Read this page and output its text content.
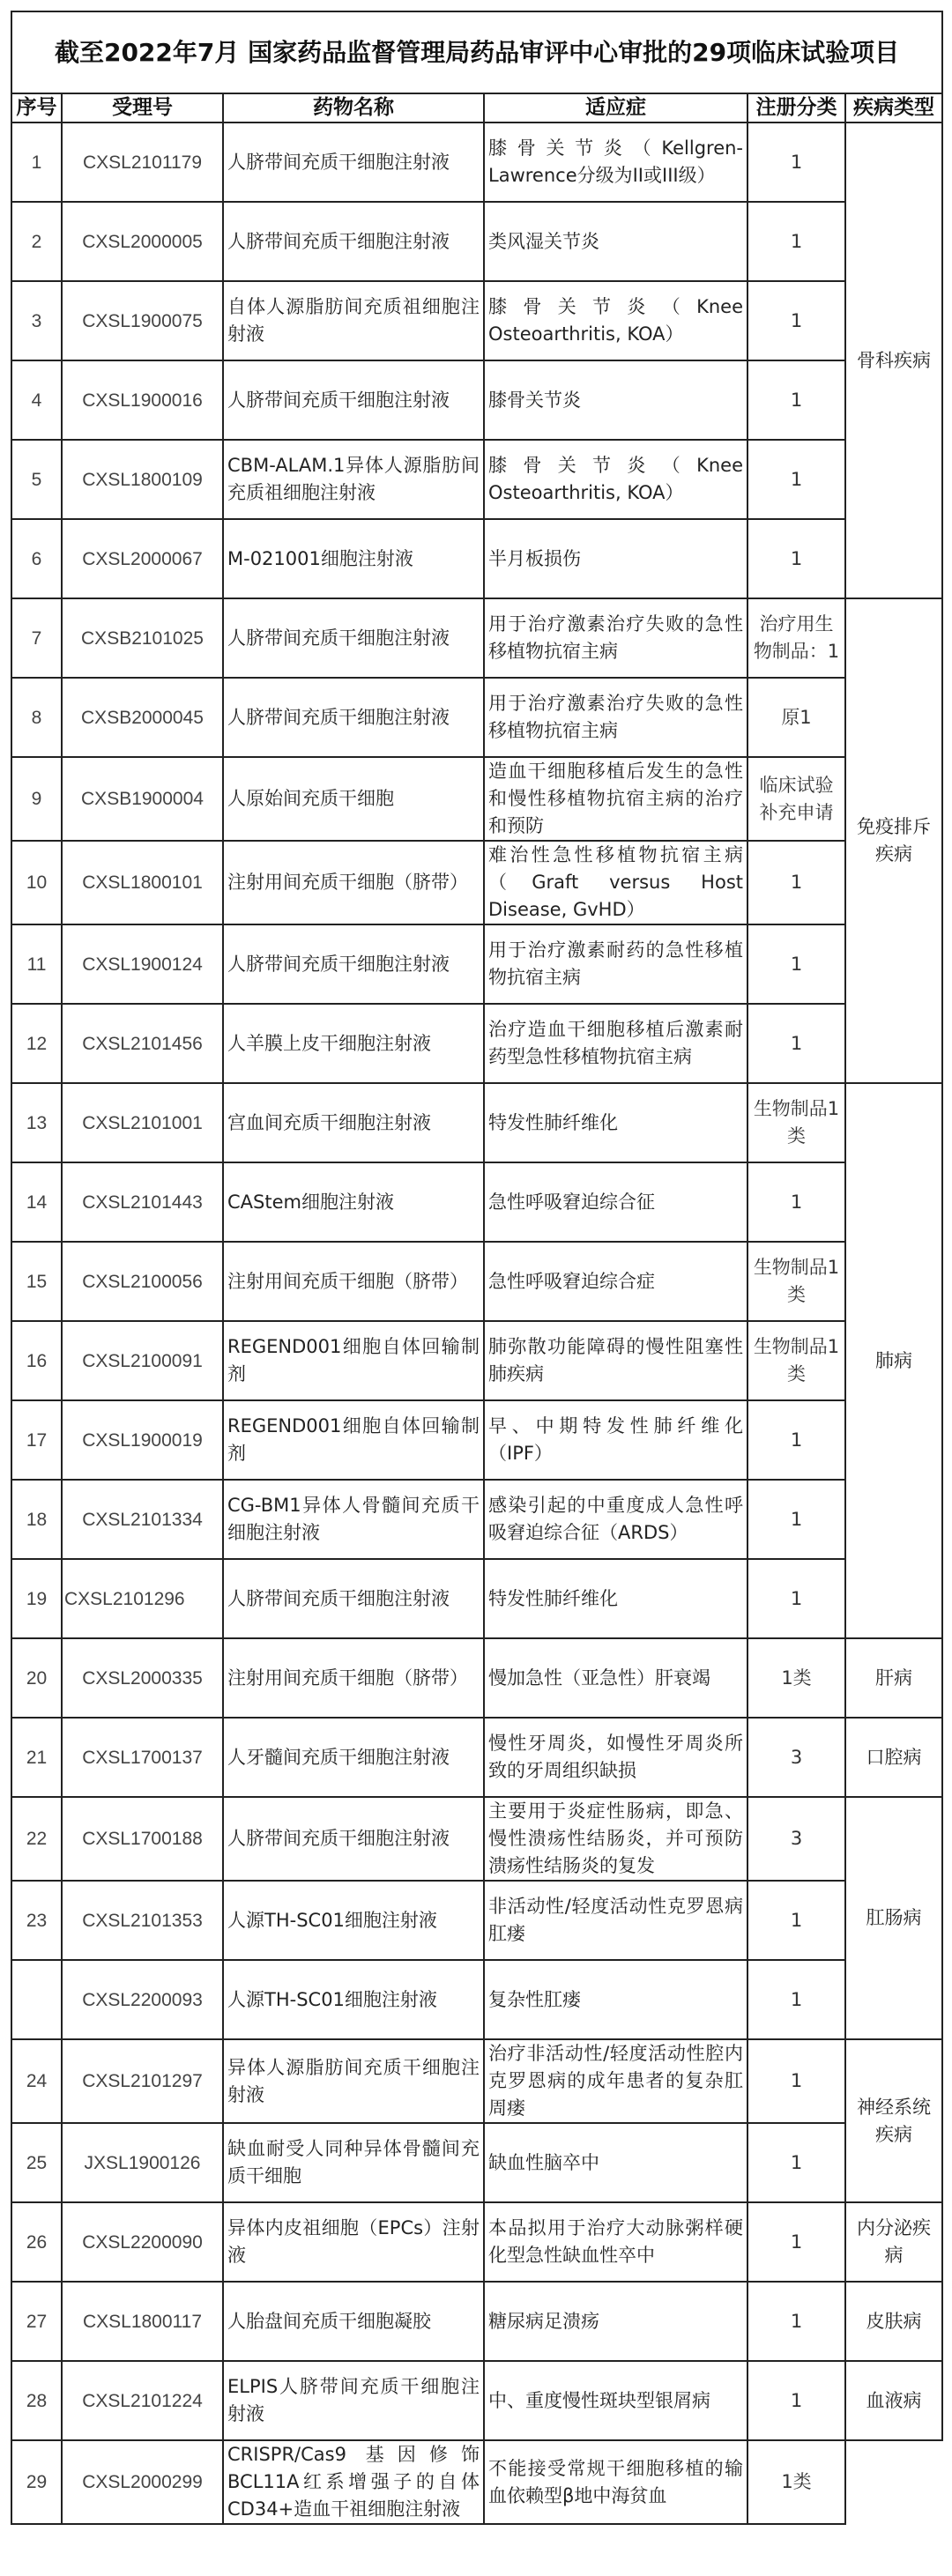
截至2022年7月 国家药品监督管理局药品审评中心审批的29项临床试验项目					
序号	受理号	药物名称	适应症	注册分类	疾病类型
1	CXSL2101179	人脐带间充质干细胞注射液	膝骨关节炎（Kellgren-Lawrence分级为II或III级）	1	骨科疾病
2	CXSL2000005	人脐带间充质干细胞注射液	类风湿关节炎	1	
3	CXSL1900075	自体人源脂肪间充质祖细胞注射液	膝骨关节炎（Knee Osteoarthritis, KOA）	1	
4	CXSL1900016	人脐带间充质干细胞注射液	膝骨关节炎	1	
5	CXSL1800109	CBM-ALAM.1异体人源脂肪间充质祖细胞注射液	膝骨关节炎（Knee Osteoarthritis, KOA）	1	
6	CXSL2000067	M-021001细胞注射液	半月板损伤	1	
7	CXSB2101025	人脐带间充质干细胞注射液	用于治疗激素治疗失败的急性移植物抗宿主病	治疗用生物制品：1	免疫排斥疾病
8	CXSB2000045	人脐带间充质干细胞注射液	用于治疗激素治疗失败的急性移植物抗宿主病	原1	
9	CXSB1900004	人原始间充质干细胞	造血干细胞移植后发生的急性和慢性移植物抗宿主病的治疗和预防	临床试验补充申请	
10	CXSL1800101	注射用间充质干细胞（脐带）	难治性急性移植物抗宿主病（Graft versus Host Disease, GvHD）	1	
11	CXSL1900124	人脐带间充质干细胞注射液	用于治疗激素耐药的急性移植物抗宿主病	1	
12	CXSL2101456	人羊膜上皮干细胞注射液	治疗造血干细胞移植后激素耐药型急性移植物抗宿主病	1	
13	CXSL2101001	宫血间充质干细胞注射液	特发性肺纤维化	生物制品1类	肺病
14	CXSL2101443	CAStem细胞注射液	急性呼吸窘迫综合征	1	
15	CXSL2100056	注射用间充质干细胞（脐带）	急性呼吸窘迫综合症	生物制品1类	
16	CXSL2100091	REGEND001细胞自体回输制剂	肺弥散功能障碍的慢性阻塞性肺疾病	生物制品1类	
17	CXSL1900019	REGEND001细胞自体回输制剂	早、中期特发性肺纤维化（IPF）	1	
18	CXSL2101334	CG-BM1异体人骨髓间充质干细胞注射液	感染引起的中重度成人急性呼吸窘迫综合征（ARDS）	1	
19	CXSL2101296	人脐带间充质干细胞注射液	特发性肺纤维化	1	
20	CXSL2000335	注射用间充质干细胞（脐带）	慢加急性（亚急性）肝衰竭	1类	肝病
21	CXSL1700137	人牙髓间充质干细胞注射液	慢性牙周炎，如慢性牙周炎所致的牙周组织缺损	3	口腔病
22	CXSL1700188	人脐带间充质干细胞注射液	主要用于炎症性肠病，即急、慢性溃疡性结肠炎，并可预防溃疡性结肠炎的复发	3	肛肠病
23	CXSL2101353	人源TH-SC01细胞注射液	非活动性/轻度活动性克罗恩病肛瘘	1	
	CXSL2200093	人源TH-SC01细胞注射液	复杂性肛瘘	1	
24	CXSL2101297	异体人源脂肪间充质干细胞注射液	治疗非活动性/轻度活动性腔内克罗恩病的成年患者的复杂肛周瘘	1	神经系统疾病
25	JXSL1900126	缺血耐受人同种异体骨髓间充质干细胞	缺血性脑卒中	1	
26	CXSL2200090	异体内皮祖细胞（EPCs）注射液	本品拟用于治疗大动脉粥样硬化型急性缺血性卒中	1	内分泌疾病
27	CXSL1800117	人胎盘间充质干细胞凝胶	糖尿病足溃疡	1	皮肤病
28	CXSL2101224	ELPIS人脐带间充质干细胞注射液	中、重度慢性斑块型银屑病	1	血液病
29	CXSL2000299	CRISPR/Cas9 基因修饰BCL11A红系增强子的自体CD34+造血干祖细胞注射液	不能接受常规干细胞移植的输血依赖型β地中海贫血	1类	
